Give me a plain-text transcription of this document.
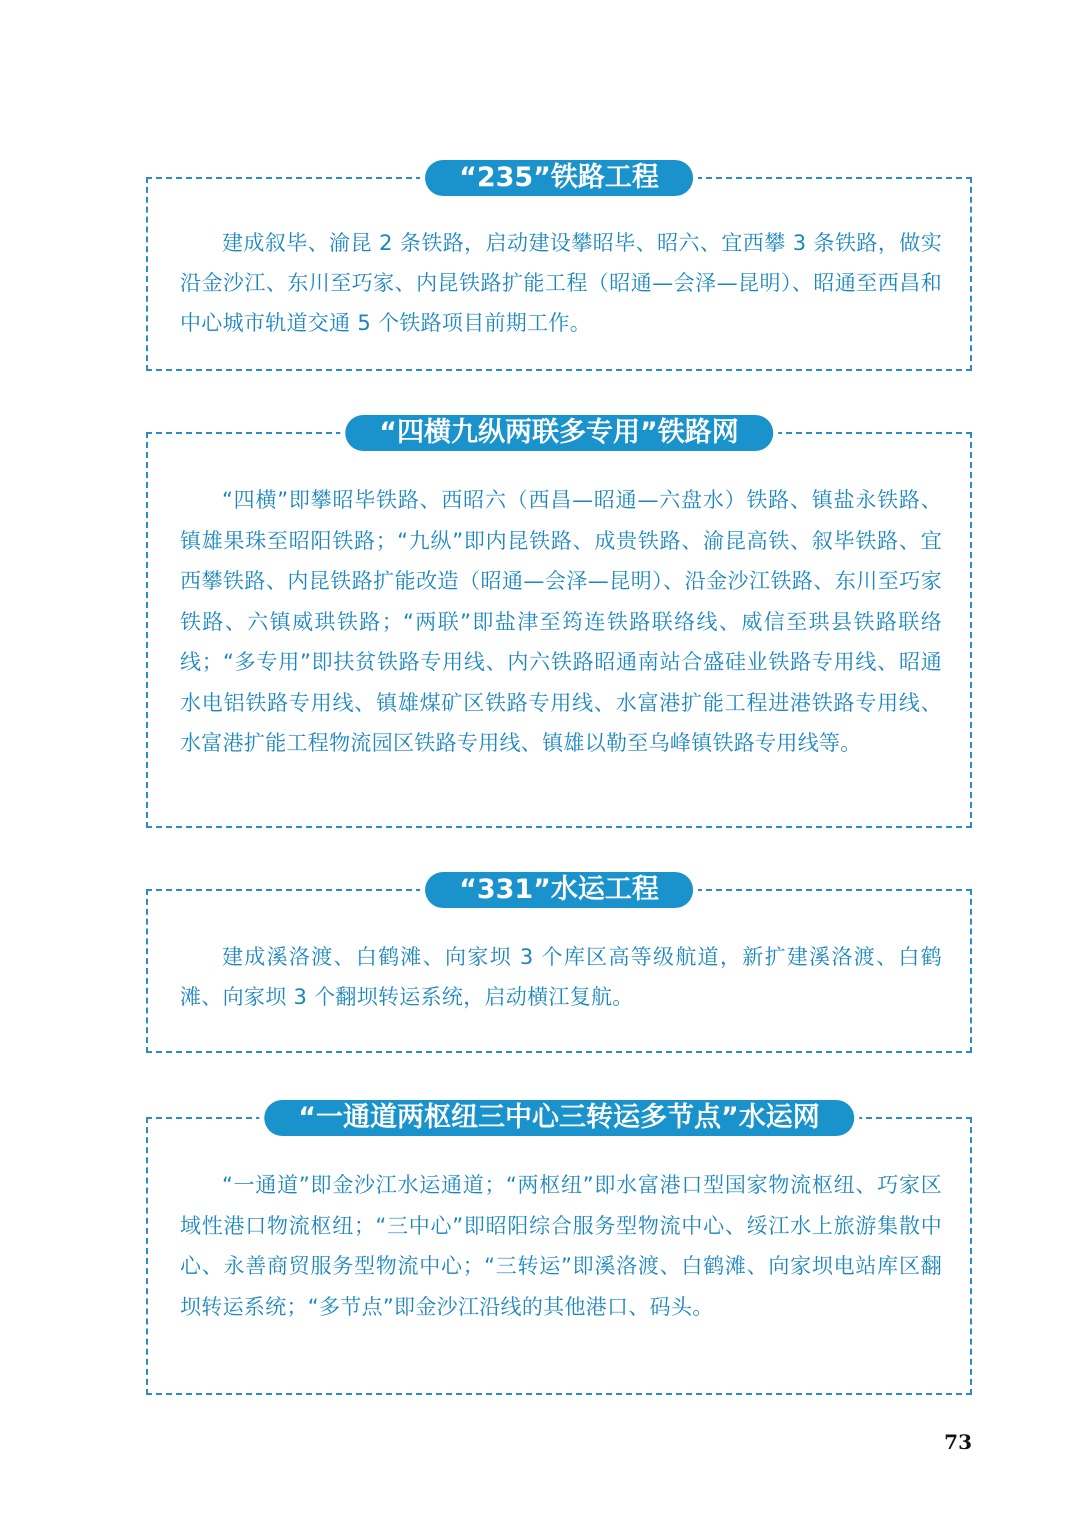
“235”铁路工程

建成叙毕、渝昆 2 条铁路，启动建设攀昭毕、昭六、宜西攀 3 条铁路，做实沿金沙江、东川至巧家、内昆铁路扩能工程（昭通—会泽—昆明）、昭通至西昌和中心城市轨道交通 5 个铁路项目前期工作。

“四横九纵两联多专用”铁路网

“四横”即攀昭毕铁路、西昭六（西昌—昭通—六盘水）铁路、镇盐永铁路、镇雄果珠至昭阳铁路；“九纵”即内昆铁路、成贵铁路、渝昆高铁、叙毕铁路、宜西攀铁路、内昆铁路扩能改造（昭通—会泽—昆明）、沿金沙江铁路、东川至巧家铁路、六镇威珙铁路；“两联”即盐津至筠连铁路联络线、威信至珙县铁路联络线；“多专用”即扶贫铁路专用线、内六铁路昭通南站合盛硅业铁路专用线、昭通水电铝铁路专用线、镇雄煤矿区铁路专用线、水富港扩能工程进港铁路专用线、水富港扩能工程物流园区铁路专用线、镇雄以勒至乌峰镇铁路专用线等。

“331”水运工程

建成溪洛渡、白鹤滩、向家坝 3 个库区高等级航道，新扩建溪洛渡、白鹤滩、向家坝 3 个翻坝转运系统，启动横江复航。

“一通道两枢纽三中心三转运多节点”水运网

“一通道”即金沙江水运通道；“两枢纽”即水富港口型国家物流枢纽、巧家区域性港口物流枢纽；“三中心”即昭阳综合服务型物流中心、绥江水上旅游集散中心、永善商贸服务型物流中心；“三转运”即溪洛渡、白鹤滩、向家坝电站库区翻坝转运系统；“多节点”即金沙江沿线的其他港口、码头。

73
